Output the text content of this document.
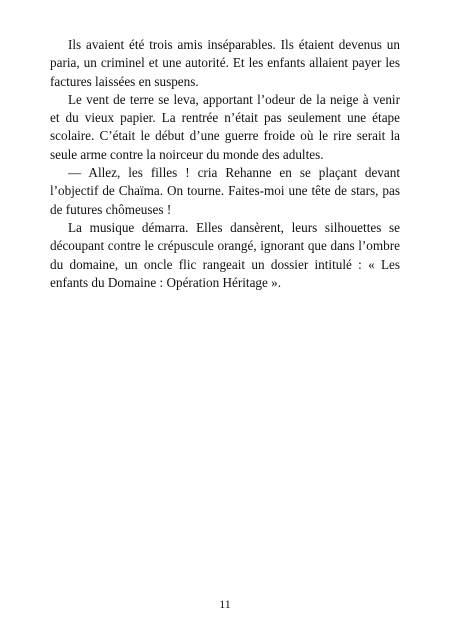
Ils avaient été trois amis inséparables. Ils étaient devenus un paria, un criminel et une autorité. Et les enfants allaient payer les factures laissées en suspens.

Le vent de terre se leva, apportant l’odeur de la neige à venir et du vieux papier. La rentrée n’était pas seulement une étape scolaire. C’était le début d’une guerre froide où le rire serait la seule arme contre la noirceur du monde des adultes.

— Allez, les filles ! cria Rehanne en se plaçant devant l’objectif de Chaïma. On tourne. Faites-moi une tête de stars, pas de futures chômeuses !

La musique démarra. Elles dansèrent, leurs silhouettes se découpant contre le crépuscule orangé, ignorant que dans l’ombre du domaine, un oncle flic rangeait un dossier intitulé : « Les enfants du Domaine : Opération Héritage ».

11
